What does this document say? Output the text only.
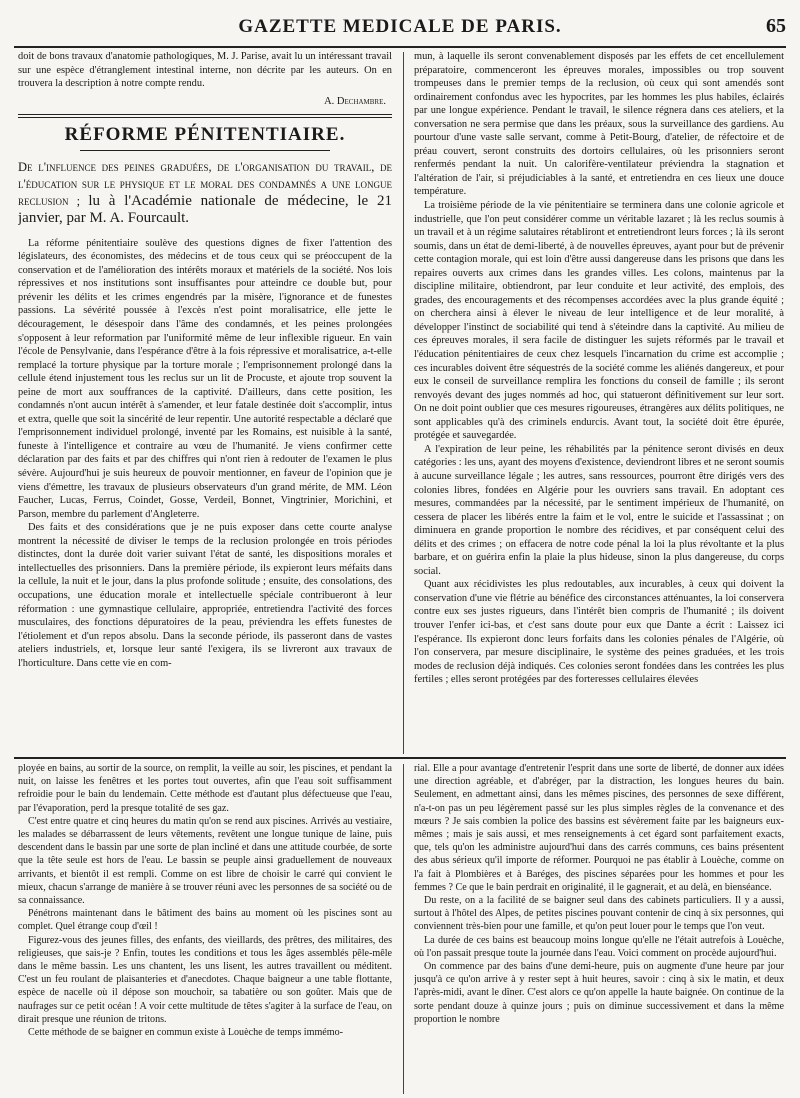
GAZETTE MEDICALE DE PARIS.	65

doit de bons travaux d'anatomie pathologiques, M. J. Parise, avait lu un intéressant travail sur une espèce d'étranglement intestinal interne, non décrite par les auteurs. On en trouvera la description à notre compte rendu.

A. Dechambre.
RÉFORME PÉNITENTIAIRE.
De l'influence des peines graduées, de l'organisation du travail, de l'éducation sur le physique et le moral des condamnés a une longue reclusion ; lu à l'Académie nationale de médecine, le 21 janvier, par M. A. Fourcault.

La réforme pénitentiaire soulève des questions dignes de fixer l'attention des législateurs, des économistes, des médecins et de tous ceux qui se préoccupent de la conservation et de l'amélioration des intérêts moraux et matériels de la société. Nos lois répressives et nos institutions sont insuffisantes pour atteindre ce double but, pour prévenir les délits et les crimes engendrés par la misère, l'ignorance et de funestes passions. La sévérité poussée à l'excès n'est point moralisatrice, elle jette le découragement, le désespoir dans l'âme des condamnés, et les peines prolongées s'opposent à leur reformation par l'uniformité même de leur inflexible rigueur. En vain l'école de Pensylvanie, dans l'espérance d'être à la fois répressive et moralisatrice, a-t-elle remplacé la torture physique par la torture morale ; l'emprisonnement prolongé dans la cellule étend injustement tous les reclus sur un lit de Procuste, et ajoute trop souvent la peine de mort aux souffrances de la captivité. D'ailleurs, dans cette position, les condamnés n'ont aucun intérêt à s'amender, et leur fatale destinée doit s'accomplir, intus et extra, quelle que soit la sincérité de leur repentir. Une autorité respectable a déclaré que l'emprisonnement individuel prolongé, inventé par les Romains, est nuisible à la santé, funeste à l'intelligence et contraire au vœu de l'humanité. Je viens confirmer cette déclaration par des faits et par des chiffres qui n'ont rien à redouter de l'examen le plus sévère. Aujourd'hui je suis heureux de pouvoir mentionner, en faveur de l'opinion que je viens d'émettre, les travaux de plusieurs observateurs d'un grand mérite, de MM. Léon Faucher, Lucas, Ferrus, Coindet, Gosse, Verdeil, Bonnet, Vingtrinier, Morichini, et Parson, membre du parlement d'Angleterre.

Des faits et des considérations que je ne puis exposer dans cette courte analyse montrent la nécessité de diviser le temps de la reclusion prolongée en trois périodes distinctes, dont la durée doit varier suivant l'état de santé, les dispositions morales et intellectuelles des prisonniers. Dans la première période, ils expieront leurs méfaits dans la cellule, la nuit et le jour, dans la plus profonde solitude ; ensuite, des consolations, des occupations, une éducation morale et intellectuelle spéciale contribueront à leur réformation : une gymnastique cellulaire, appropriée, entretiendra l'activité des forces musculaires, des fonctions dépuratoires de la peau, préviendra les effets funestes de l'étiolement et d'un repos absolu. Dans la seconde période, ils passeront dans de vastes ateliers industriels, et, lorsque leur santé l'exigera, ils se livreront aux travaux de l'horticulture. Dans cette vie en com-

mun, à laquelle ils seront convenablement disposés par les effets de cet encellulement préparatoire, commenceront les épreuves morales, impossibles ou trop souvent trompeuses dans le premier temps de la reclusion, où ceux qui sont amendés sont ordinairement confondus avec les hypocrites, par les hommes les plus habiles, éclairés par une longue expérience. Pendant le travail, le silence régnera dans ces ateliers, et la conversation ne sera permise que dans les préaux, sous la surveillance des gardiens. Au pourtour d'une vaste salle servant, comme à Petit-Bourg, d'atelier, de réfectoire et de préau couvert, seront construits des dortoirs cellulaires, où les prisonniers seront renfermés pendant la nuit. Un calorifère-ventilateur préviendra la stagnation et l'altération de l'air, si préjudiciables à la santé, et entretiendra en ces lieux une douce température.

La troisième période de la vie pénitentiaire se terminera dans une colonie agricole et industrielle, que l'on peut considérer comme un véritable lazaret ; là les reclus soumis à un travail et à un régime salutaires rétabliront et entretiendront leurs forces ; là ils seront soumis, dans un état de demi-liberté, à de nouvelles épreuves, ayant pour but de prévenir cette contagion morale, qui est loin d'être aussi dangereuse dans les prisons que dans les repaires ouverts aux crimes dans les grandes villes. Les colons, maintenus par la discipline militaire, obtiendront, par leur conduite et leur activité, des emplois, des grades, des encouragements et des récompenses accordées avec la plus grande équité ; on cherchera ainsi à élever le niveau de leur intelligence et de leur moralité, à développer l'instinct de sociabilité qui tend à s'éteindre dans la captivité. Au milieu de ces épreuves morales, il sera facile de distinguer les sujets réformés par le travail et l'éducation pénitentiaires de ceux chez lesquels l'incarnation du crime est accomplie ; ces incurables doivent être séquestrés de la société comme les aliénés dangereux, et pour eux le conseil de surveillance remplira les fonctions du conseil de famille ; ils seront renvoyés devant des juges nommés ad hoc, qui statueront définitivement sur leur sort. On ne doit point oublier que ces mesures rigoureuses, étrangères aux délits politiques, ne sont applicables qu'à des criminels endurcis. Avant tout, la société doit être épurée, protégée et sauvegardée.

A l'expiration de leur peine, les réhabilités par la pénitence seront divisés en deux catégories : les uns, ayant des moyens d'existence, deviendront libres et ne seront soumis à aucune surveillance légale ; les autres, sans ressources, pourront être dirigés vers des colonies libres, fondées en Algérie pour les ouvriers sans travail. En adoptant ces mesures, commandées par la nécessité, par le sentiment impérieux de l'humanité, on cessera de placer les libérés entre la faim et le vol, entre le suicide et l'assassinat ; on diminuera en grande proportion le nombre des récidives, et par conséquent celui des délits et des crimes ; on effacera de notre code pénal la loi la plus révoltante et la plus barbare, et on guérira enfin la plaie la plus hideuse, sinon la plus dangereuse, du corps social.

Quant aux récidivistes les plus redoutables, aux incurables, à ceux qui doivent la conservation d'une vie flétrie au bénéfice des circonstances atténuantes, la loi conservera contre eux ses justes rigueurs, dans l'intérêt bien compris de l'humanité ; ils doivent trouver l'enfer ici-bas, et c'est sans doute pour eux que Dante a écrit : Laissez ici l'espérance. Ils expieront donc leurs forfaits dans les colonies pénales de l'Algérie, où l'on conservera, par mesure disciplinaire, le système des peines graduées, et les trois modes de reclusion déjà indiqués. Ces colonies seront fondées dans les contrées les plus fertiles ; elles seront protégées par des forteresses cellulaires élevées

ployée en bains, au sortir de la source, on remplit, la veille au soir, les piscines, et pendant la nuit, on laisse les fenêtres et les portes tout ouvertes, afin que l'eau soit suffisamment refroidie pour le bain du lendemain. Cette méthode est d'autant plus défectueuse que l'eau, par l'évaporation, perd la presque totalité de ses gaz.

C'est entre quatre et cinq heures du matin qu'on se rend aux piscines. Arrivés au vestiaire, les malades se débarrassent de leurs vêtements, revêtent une longue tunique de laine, puis descendent dans le bassin par une sorte de plan incliné et dans une attitude courbée, de sorte que la tête seule est hors de l'eau. Le bassin se peuple ainsi graduellement de nouveaux arrivants, et bientôt il est rempli. Comme on est libre de choisir le carré qui convient le mieux, chacun s'arrange de manière à se trouver réuni avec les personnes de sa société ou de sa connaissance.

Pénétrons maintenant dans le bâtiment des bains au moment où les piscines sont au complet. Quel étrange coup d'œil !

Figurez-vous des jeunes filles, des enfants, des vieillards, des prêtres, des militaires, des religieuses, que sais-je ? Enfin, toutes les conditions et tous les âges assemblés pêle-mêle dans le même bassin. Les uns chantent, les uns lisent, les autres travaillent ou méditent. C'est un feu roulant de plaisanteries et d'anecdotes. Chaque baigneur a une table flottante, espèce de nacelle où il dépose son mouchoir, sa tabatière ou son goûter. Mais que de naufrages sur ce petit océan ! A voir cette multitude de têtes s'agiter à la surface de l'eau, on dirait presque une réunion de tritons.

Cette méthode de se baigner en commun existe à Louèche de temps immémo-

rial. Elle a pour avantage d'entretenir l'esprit dans une sorte de liberté, de donner aux idées une direction agréable, et d'abréger, par la distraction, les longues heures du bain. Seulement, en admettant ainsi, dans les mêmes piscines, des personnes de sexe différent, n'a-t-on pas un peu légèrement passé sur les plus simples règles de la convenance et des mœurs ? Je sais combien la police des bassins est sévèrement faite par les baigneurs eux-mêmes ; mais je sais aussi, et mes renseignements à cet égard sont parfaitement exacts, que, tels qu'on les administre aujourd'hui dans des carrés communs, ces bains présentent des abus sérieux qu'il importe de réformer. Pourquoi ne pas établir à Louèche, comme on l'a fait à Plombières et à Baréges, des piscines séparées pour les hommes et pour les femmes ? Ce que le bain perdrait en originalité, il le gagnerait, et au delà, en bienséance.

Du reste, on a la facilité de se baigner seul dans des cabinets particuliers. Il y a aussi, surtout à l'hôtel des Alpes, de petites piscines pouvant contenir de cinq à six personnes, qui conviennent très-bien pour une famille, et qu'on peut louer pour le temps que l'on veut.

La durée de ces bains est beaucoup moins longue qu'elle ne l'était autrefois à Louèche, où l'on passait presque toute la journée dans l'eau. Voici comment on procède aujourd'hui.

On commence par des bains d'une demi-heure, puis on augmente d'une heure par jour jusqu'à ce qu'on arrive à y rester sept à huit heures, savoir : cinq à six le matin, et deux l'après-midi, avant le dîner. C'est alors ce qu'on appelle la haute baignée. On continue de la sorte pendant douze à quinze jours ; puis on diminue successivement et dans la même proportion le nombre
